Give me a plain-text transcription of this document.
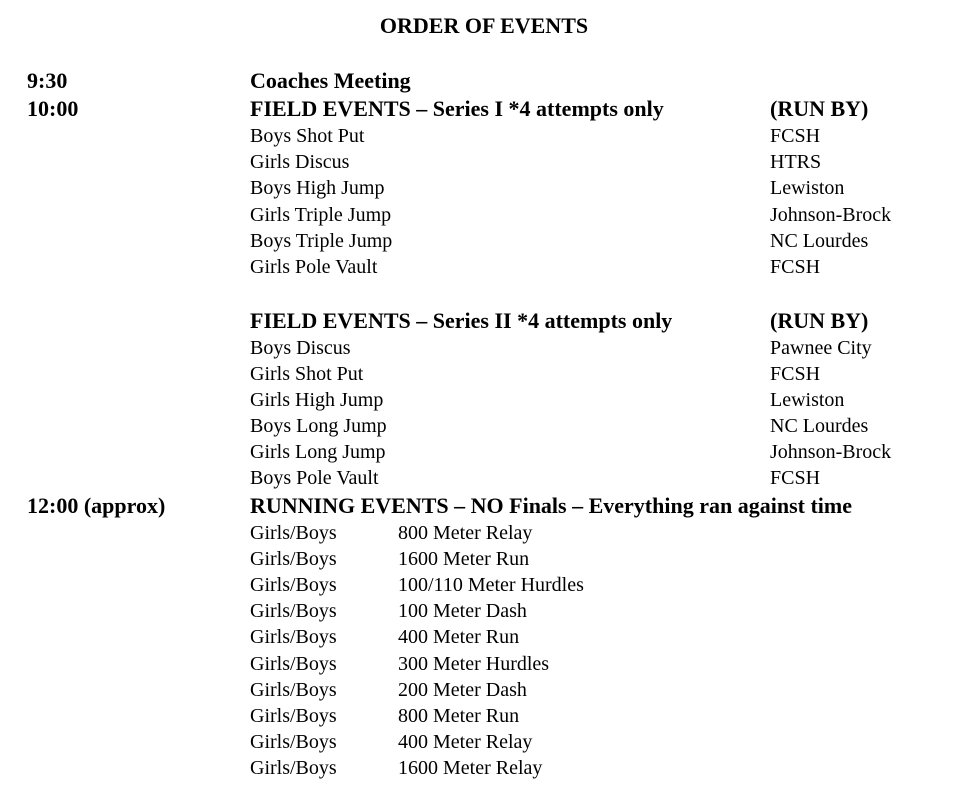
ORDER OF EVENTS
9:30	Coaches Meeting
10:00	FIELD EVENTS – Series I *4 attempts only	(RUN BY)
Boys Shot Put	FCSH
Girls Discus	HTRS
Boys High Jump	Lewiston
Girls Triple Jump	Johnson-Brock
Boys Triple Jump	NC Lourdes
Girls Pole Vault	FCSH
FIELD EVENTS – Series II *4 attempts only	(RUN BY)
Boys Discus	Pawnee City
Girls Shot Put	FCSH
Girls High Jump	Lewiston
Boys Long Jump	NC Lourdes
Girls Long Jump	Johnson-Brock
Boys Pole Vault	FCSH
12:00 (approx)	RUNNING EVENTS – NO Finals – Everything ran against time
Girls/Boys	800 Meter Relay
Girls/Boys	1600 Meter Run
Girls/Boys	100/110 Meter Hurdles
Girls/Boys	100 Meter Dash
Girls/Boys	400 Meter Run
Girls/Boys	300 Meter Hurdles
Girls/Boys	200 Meter Dash
Girls/Boys	800 Meter Run
Girls/Boys	400 Meter Relay
Girls/Boys	1600 Meter Relay
